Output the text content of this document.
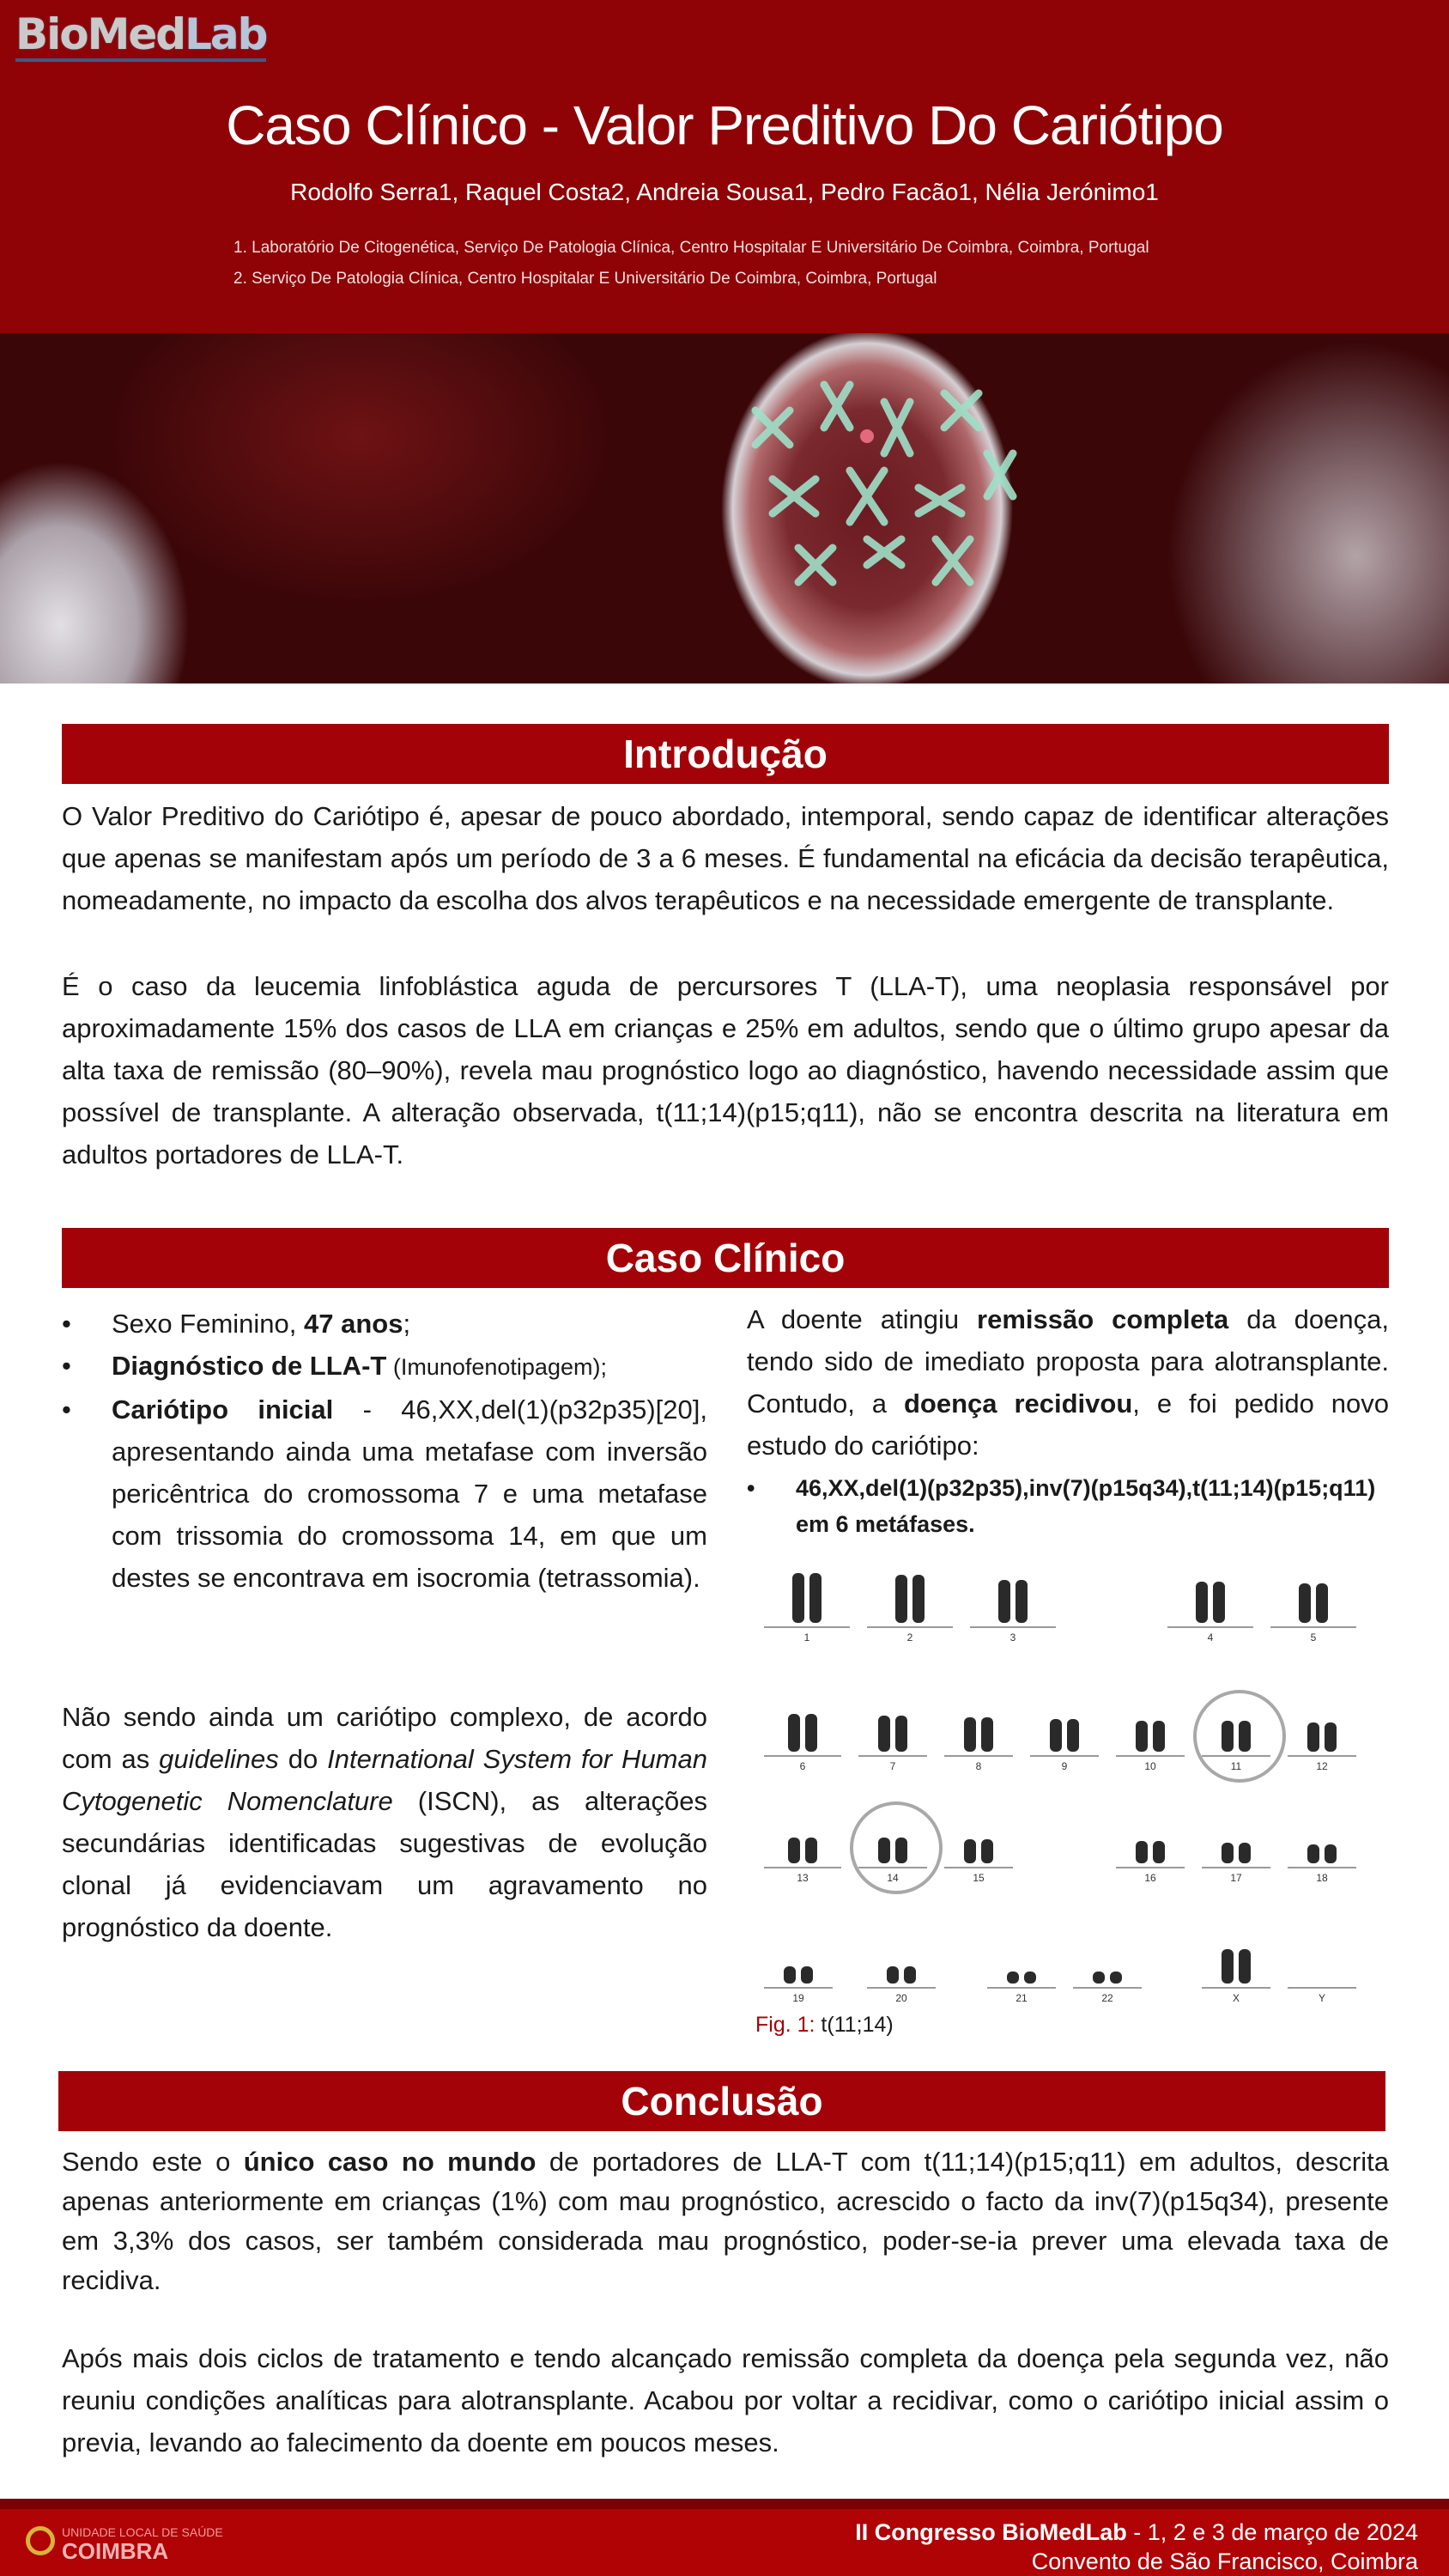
BioMedLab
Caso Clínico - Valor Preditivo Do Cariótipo
Rodolfo Serra1, Raquel Costa2, Andreia Sousa1, Pedro Facão1, Nélia Jerónimo1
1. Laboratório De Citogenética, Serviço De Patologia Clínica, Centro Hospitalar E Universitário De Coimbra, Coimbra, Portugal
2. Serviço De Patologia Clínica, Centro Hospitalar E Universitário De Coimbra, Coimbra, Portugal
Introdução
O Valor Preditivo do Cariótipo é, apesar de pouco abordado, intemporal, sendo capaz de identificar alterações que apenas se manifestam após um período de 3 a 6 meses. É fundamental na eficácia da decisão terapêutica, nomeadamente, no impacto da escolha dos alvos terapêuticos e na necessidade emergente de transplante.
É o caso da leucemia linfoblástica aguda de percursores T (LLA-T), uma neoplasia responsável por aproximadamente 15% dos casos de LLA em crianças e 25% em adultos, sendo que o último grupo apesar da alta taxa de remissão (80–90%), revela mau prognóstico logo ao diagnóstico, havendo necessidade assim que possível de transplante. A alteração observada, t(11;14)(p15;q11), não se encontra descrita na literatura em adultos portadores de LLA-T.
Caso Clínico
• Sexo Feminino, 47 anos;
• Diagnóstico de LLA-T (Imunofenotipagem);
• Cariótipo inicial - 46,XX,del(1)(p32p35)[20], apresentando ainda uma metafase com inversão pericêntrica do cromossoma 7 e uma metafase com trissomia do cromossoma 14, em que um destes se encontrava em isocromia (tetrassomia).
Não sendo ainda um cariótipo complexo, de acordo com as guidelines do International System for Human Cytogenetic Nomenclature (ISCN), as alterações secundárias identificadas sugestivas de evolução clonal já evidenciavam um agravamento no prognóstico da doente.
A doente atingiu remissão completa da doença, tendo sido de imediato proposta para alotransplante. Contudo, a doença recidivou, e foi pedido novo estudo do cariótipo:
• 46,XX,del(1)(p32p35),inv(7)(p15q34),t(11;14)(p15;q11) em 6 metáfases.
1	2	3	4	5
6	7	8	9	10	11	12
13	14	15	16	17	18
19	20	21	22	X	Y
Fig. 1: t(11;14)
Conclusão
Sendo este o único caso no mundo de portadores de LLA-T com t(11;14)(p15;q11) em adultos, descrita apenas anteriormente em crianças (1%) com mau prognóstico, acrescido o facto da inv(7)(p15q34), presente em 3,3% dos casos, ser também considerada mau prognóstico, poder-se-ia prever uma elevada taxa de recidiva.
Após mais dois ciclos de tratamento e tendo alcançado remissão completa da doença pela segunda vez, não reuniu condições analíticas para alotransplante. Acabou por voltar a recidivar, como o cariótipo inicial assim o previa, levando ao falecimento da doente em poucos meses.
UNIDADE LOCAL DE SAÚDE
COIMBRA
II Congresso BioMedLab - 1, 2 e 3 de março de 2024
Convento de São Francisco, Coimbra
